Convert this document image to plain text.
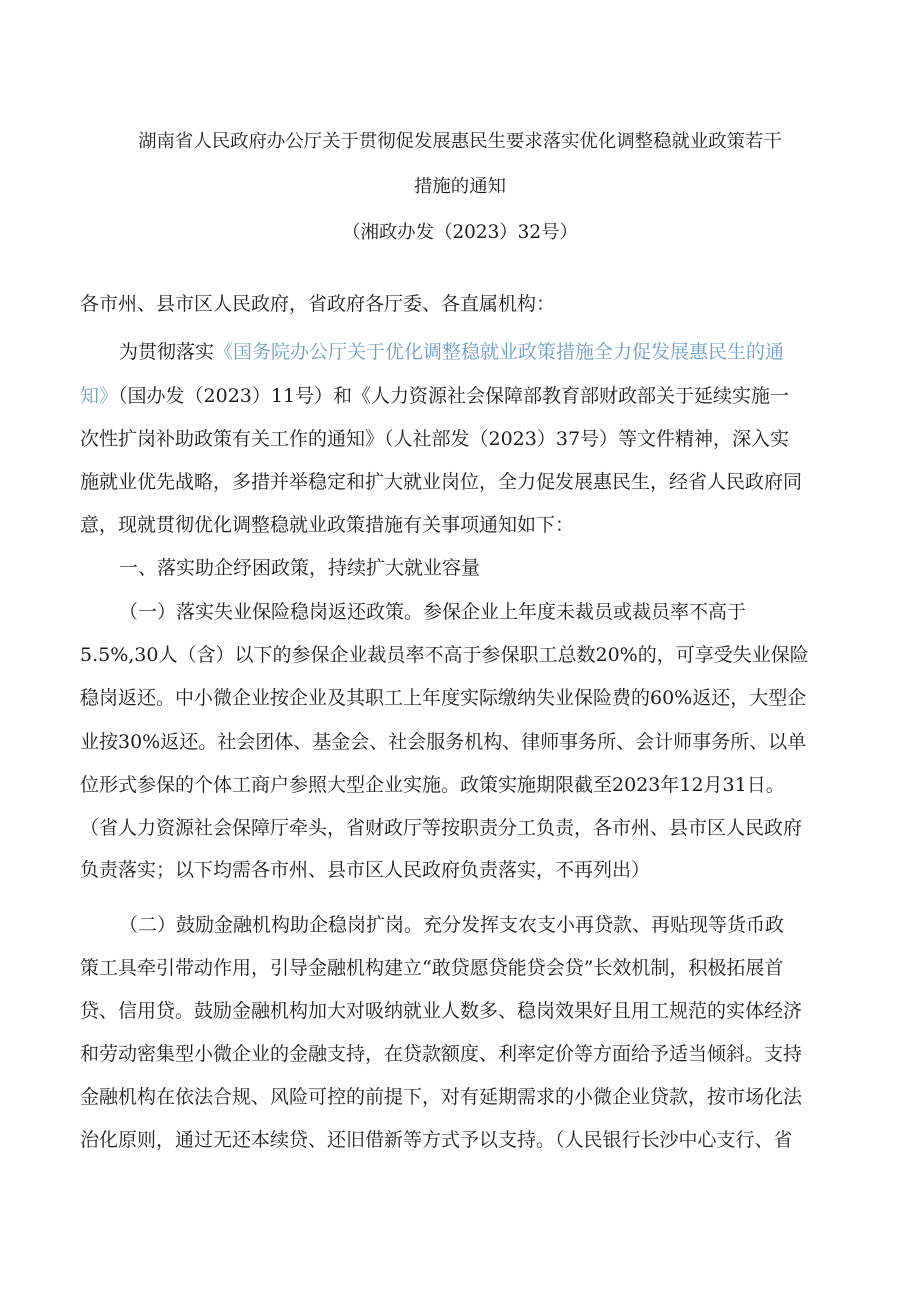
湖南省人民政府办公厅关于贯彻促发展惠民生要求落实优化调整稳就业政策若干
措施的通知
（湘政办发（2023）32号）
各市州、县市区人民政府，省政府各厅委、各直属机构：
为贯彻落实《国务院办公厅关于优化调整稳就业政策措施全力促发展惠民生的通
知》（国办发（2023）11号）和《人力资源社会保障部教育部财政部关于延续实施一
次性扩岗补助政策有关工作的通知》（人社部发（2023）37号）等文件精神，深入实
施就业优先战略，多措并举稳定和扩大就业岗位，全力促发展惠民生，经省人民政府同
意，现就贯彻优化调整稳就业政策措施有关事项通知如下：
一、落实助企纾困政策，持续扩大就业容量
（一）落实失业保险稳岗返还政策。参保企业上年度未裁员或裁员率不高于
5.5%,30人（含）以下的参保企业裁员率不高于参保职工总数20%的，可享受失业保险
稳岗返还。中小微企业按企业及其职工上年度实际缴纳失业保险费的60%返还，大型企
业按30%返还。社会团体、基金会、社会服务机构、律师事务所、会计师事务所、以单
位形式参保的个体工商户参照大型企业实施。政策实施期限截至2023年12月31日。
（省人力资源社会保障厅牵头，省财政厅等按职责分工负责，各市州、县市区人民政府
负责落实；以下均需各市州、县市区人民政府负责落实，不再列出）
（二）鼓励金融机构助企稳岗扩岗。充分发挥支农支小再贷款、再贴现等货币政
策工具牵引带动作用，引导金融机构建立“敢贷愿贷能贷会贷”长效机制，积极拓展首
贷、信用贷。鼓励金融机构加大对吸纳就业人数多、稳岗效果好且用工规范的实体经济
和劳动密集型小微企业的金融支持，在贷款额度、利率定价等方面给予适当倾斜。支持
金融机构在依法合规、风险可控的前提下，对有延期需求的小微企业贷款，按市场化法
治化原则，通过无还本续贷、还旧借新等方式予以支持。（人民银行长沙中心支行、省
